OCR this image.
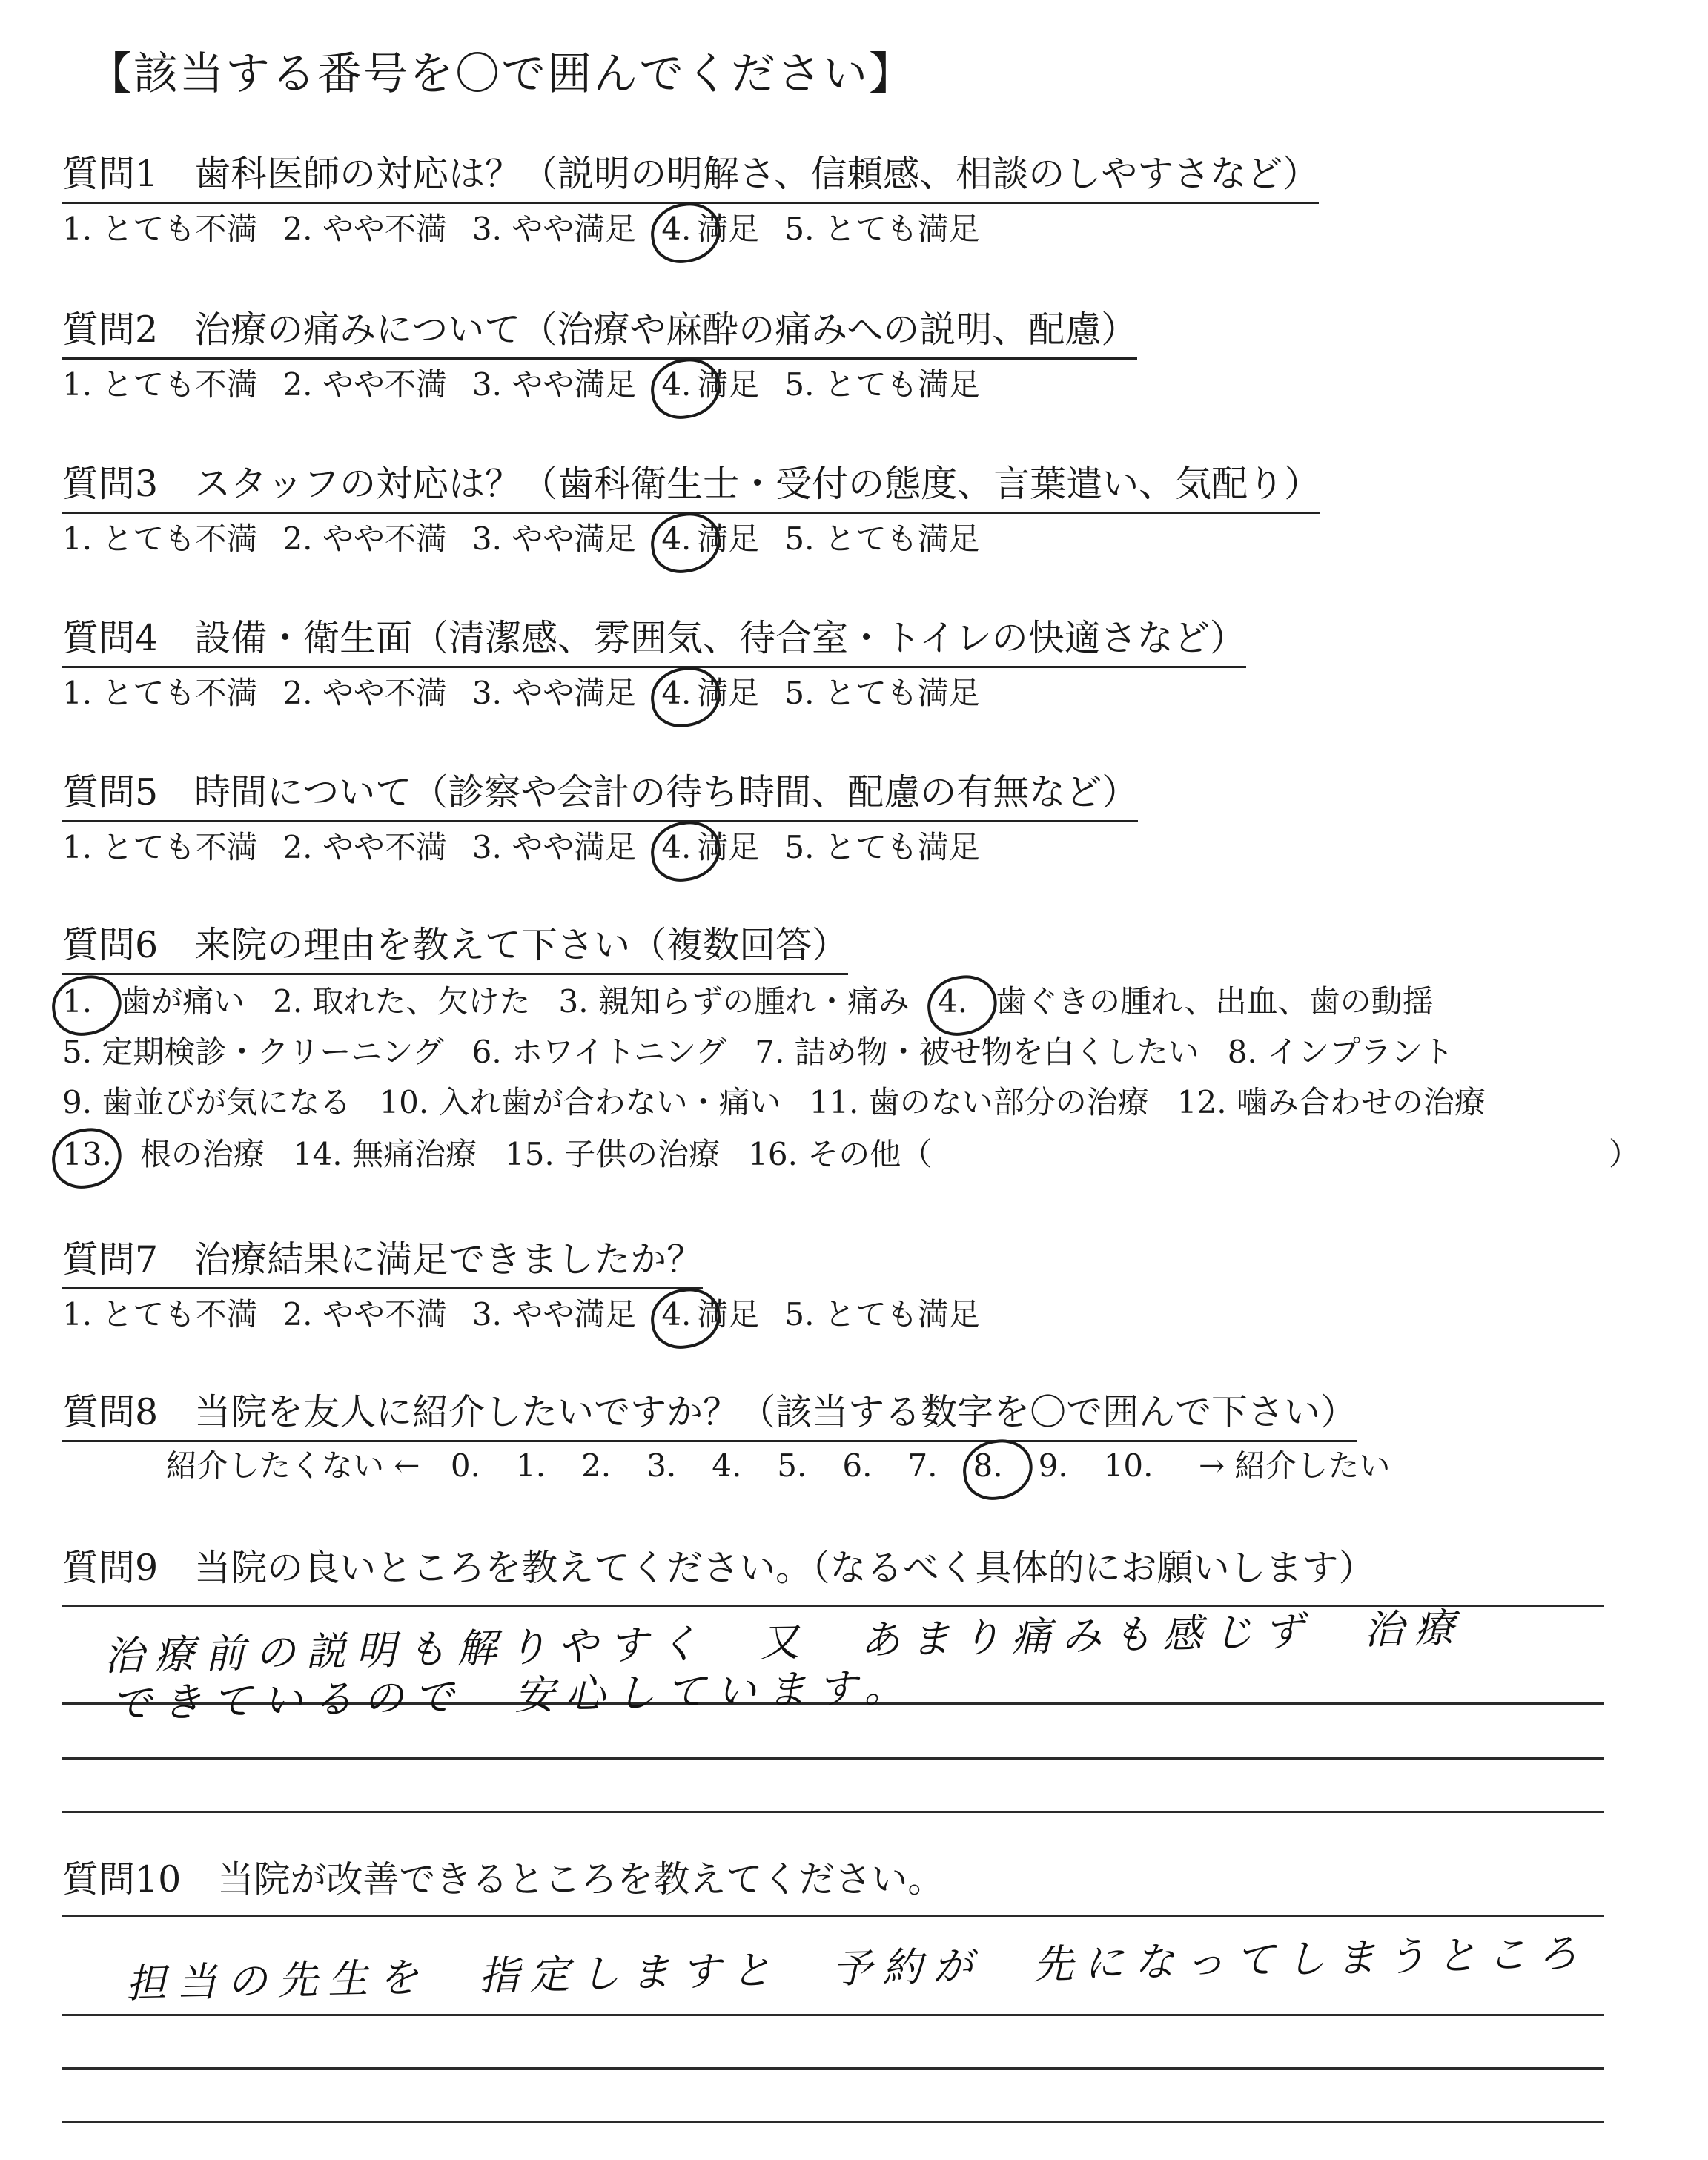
【該当する番号を〇で囲んでください】
質問1　歯科医師の対応は？（説明の明解さ、信頼感、相談のしやすさなど）
1. とても不満 2. やや不満 3. やや満足 4. 満足 5. とても満足
質問2　治療の痛みについて（治療や麻酔の痛みへの説明、配慮）
1. とても不満 2. やや不満 3. やや満足 4. 満足 5. とても満足
質問3　スタッフの対応は？（歯科衛生士・受付の態度、言葉遣い、気配り）
1. とても不満 2. やや不満 3. やや満足 4. 満足 5. とても満足
質問4　設備・衛生面（清潔感、雰囲気、待合室・トイレの快適さなど）
1. とても不満 2. やや不満 3. やや満足 4. 満足 5. とても満足
質問5　時間について（診察や会計の待ち時間、配慮の有無など）
1. とても不満 2. やや不満 3. やや満足 4. 満足 5. とても満足
質問6　来院の理由を教えて下さい（複数回答）
1. 歯が痛い 2. 取れた、欠けた 3. 親知らずの腫れ・痛み 4. 歯ぐきの腫れ、出血、歯の動揺
5. 定期検診・クリーニング 6. ホワイトニング 7. 詰め物・被せ物を白くしたい 8. インプラント
9. 歯並びが気になる 10. 入れ歯が合わない・痛い 11. 歯のない部分の治療 12. 噛み合わせの治療
13. 根の治療 14. 無痛治療 15. 子供の治療 16. その他（	）
質問7　治療結果に満足できましたか？
1. とても不満 2. やや不満 3. やや満足 4. 満足 5. とても満足
質問8　当院を友人に紹介したいですか？（該当する数字を〇で囲んで下さい）
紹介したくない ← 0. 1. 2. 3. 4. 5. 6. 7. 8. 9. 10. → 紹介したい
質問9　当院の良いところを教えてください。（なるべく具体的にお願いします）
治療前の説明も解りやすく　又　あまり痛みも感じず　治療
できているので　安心しています。
質問10　当院が改善できるところを教えてください。
担当の先生を　指定しますと　予約が　先になってしまうところ
